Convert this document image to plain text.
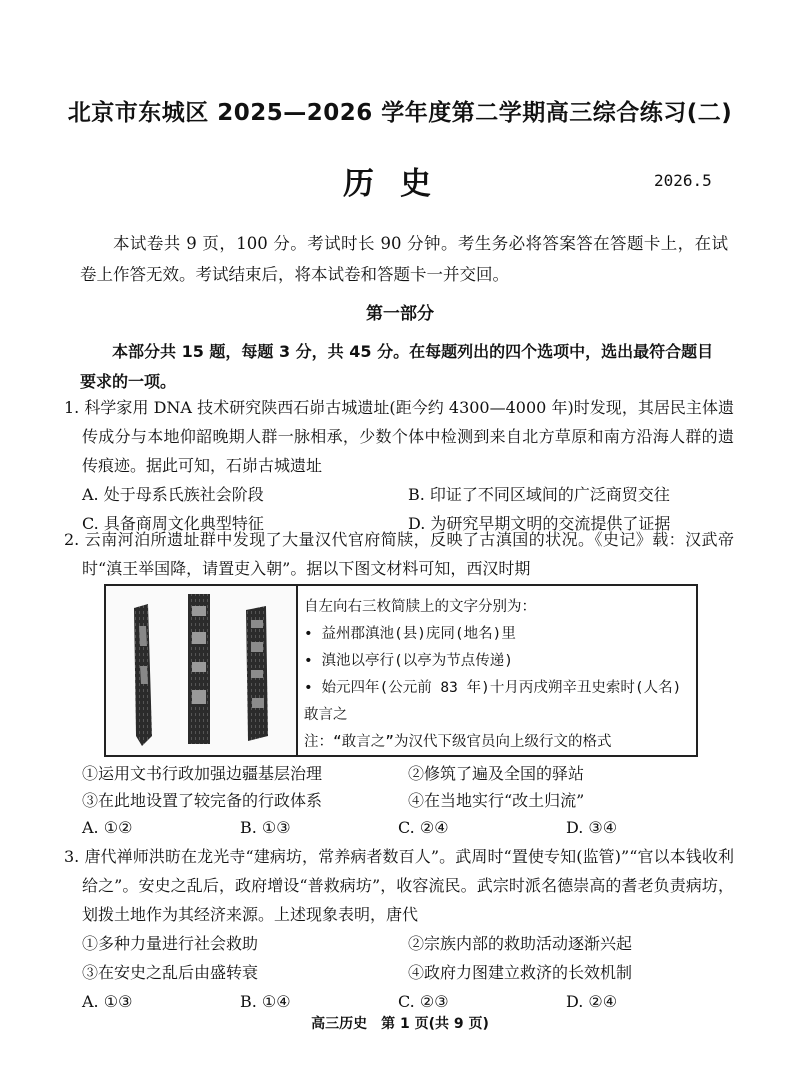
北京市东城区 2025—2026 学年度第二学期高三综合练习(二)
历史	2026.5
本试卷共 9 页，100 分。考试时长 90 分钟。考生务必将答案答在答题卡上，在试卷上作答无效。考试结束后，将本试卷和答题卡一并交回。
第一部分
本部分共 15 题，每题 3 分，共 45 分。在每题列出的四个选项中，选出最符合题目要求的一项。

1. 科学家用 DNA 技术研究陕西石峁古城遗址(距今约 4300—4000 年)时发现，其居民主体遗传成分与本地仰韶晚期人群一脉相承，少数个体中检测到来自北方草原和南方沿海人群的遗传痕迹。据此可知，石峁古城遗址

A. 处于母系氏族社会阶段	B. 印证了不同区域间的广泛商贸交往
C. 具备商周文化典型特征	D. 为研究早期文明的交流提供了证据

2. 云南河泊所遗址群中发现了大量汉代官府简牍，反映了古滇国的状况。《史记》载：汉武帝时“滇王举国降，请置吏入朝”。据以下图文材料可知，西汉时期

自左向右三枚简牍上的文字分别为：
• 益州郡滇池(县)庑同(地名)里
• 滇池以亭行(以亭为节点传递)
• 始元四年(公元前 83 年)十月丙戌朔辛丑史索时(人名)敢言之
注：“敢言之”为汉代下级官员向上级行文的格式
①运用文书行政加强边疆基层治理	②修筑了遍及全国的驿站
③在此地设置了较完备的行政体系	④在当地实行“改土归流”
A. ①②	B. ①③	C. ②④	D. ③④

3. 唐代禅师洪昉在龙光寺“建病坊，常养病者数百人”。武周时“置使专知(监管)”“官以本钱收利给之”。安史之乱后，政府增设“普救病坊”，收容流民。武宗时派名德崇高的耆老负责病坊，划拨土地作为其经济来源。上述现象表明，唐代

①多种力量进行社会救助	②宗族内部的救助活动逐渐兴起
③在安史之乱后由盛转衰	④政府力图建立救济的长效机制
A. ①③	B. ①④	C. ②③	D. ②④
高三历史　第 1 页(共 9 页)
